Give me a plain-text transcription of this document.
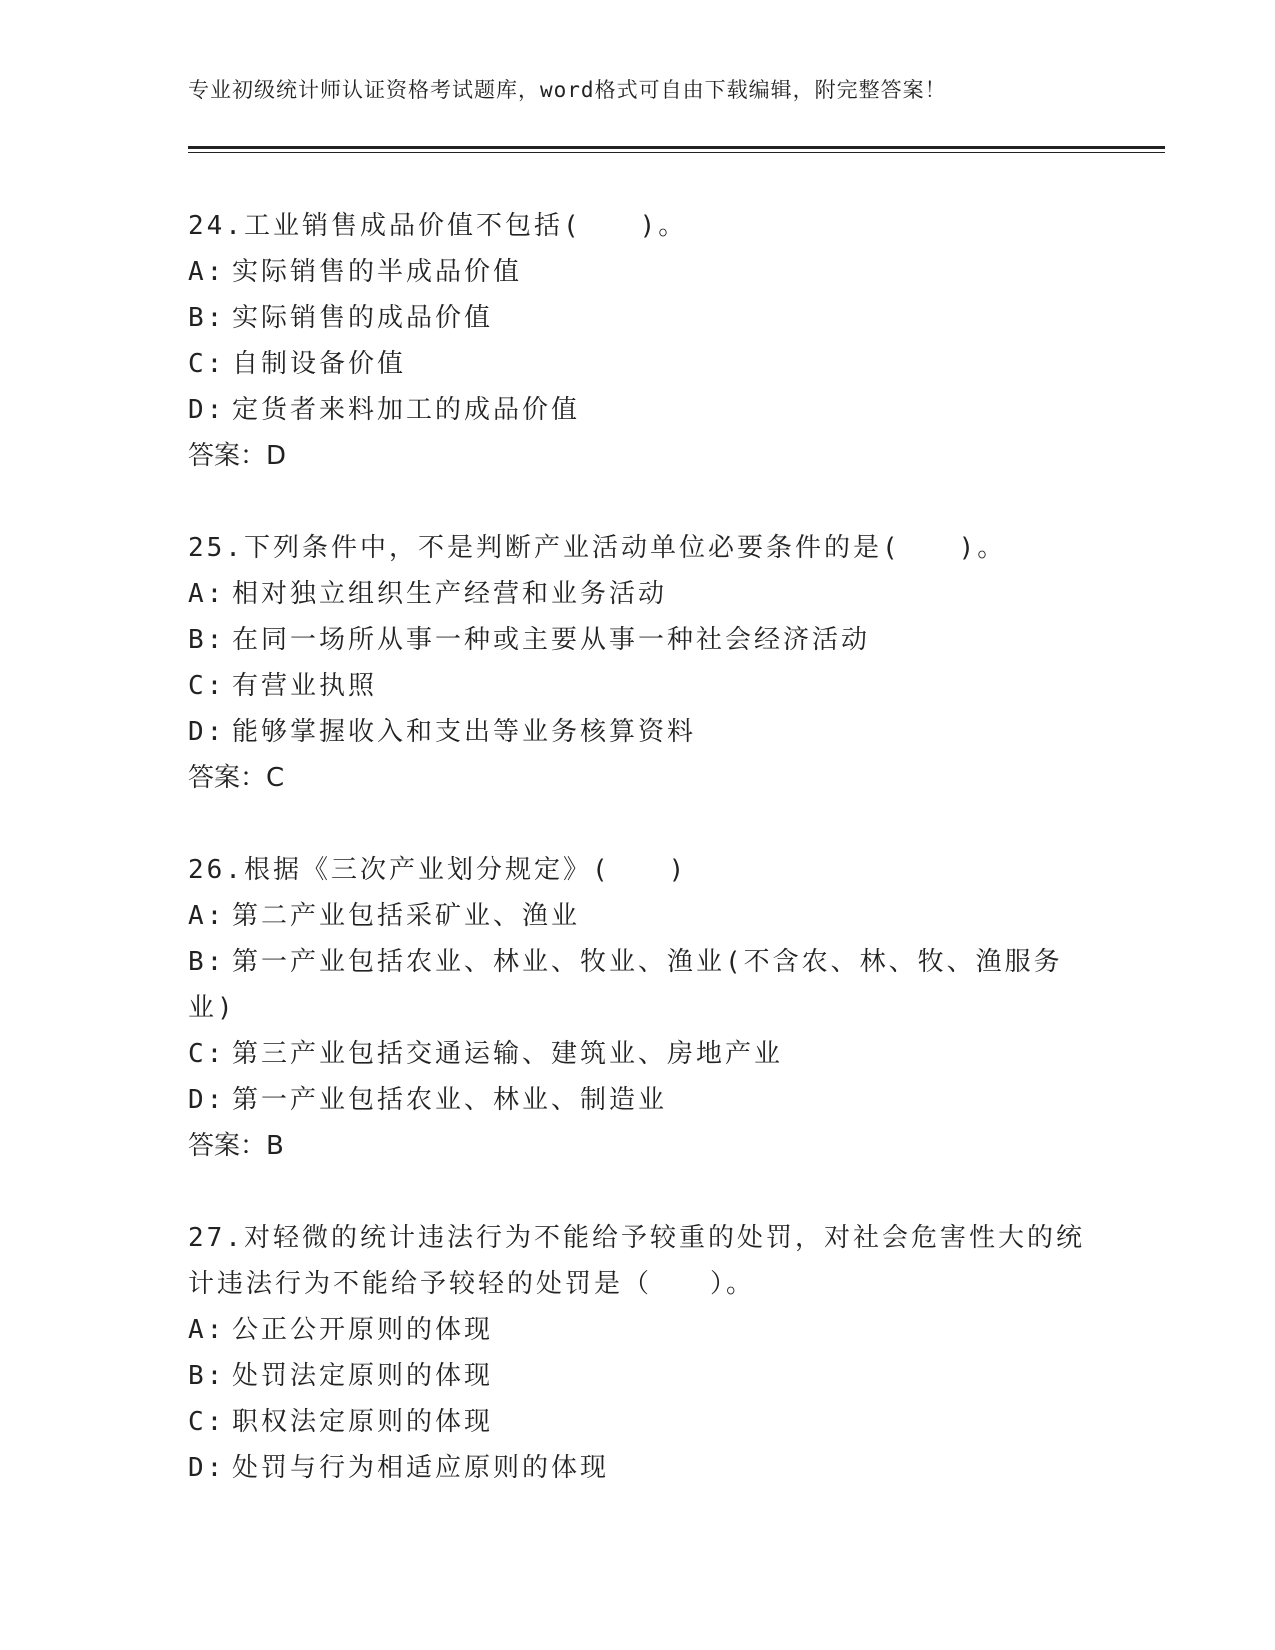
专业初级统计师认证资格考试题库，word格式可自由下载编辑，附完整答案！
24.工业销售成品价值不包括(　　)。
A: 实际销售的半成品价值
B: 实际销售的成品价值
C: 自制设备价值
D: 定货者来料加工的成品价值
答案：D
25.下列条件中，不是判断产业活动单位必要条件的是(　　)。
A: 相对独立组织生产经营和业务活动
B: 在同一场所从事一种或主要从事一种社会经济活动
C: 有营业执照
D: 能够掌握收入和支出等业务核算资料
答案：C
26.根据《三次产业划分规定》(　　)
A: 第二产业包括采矿业、渔业
B: 第一产业包括农业、林业、牧业、渔业(不含农、林、牧、渔服务
业)
C: 第三产业包括交通运输、建筑业、房地产业
D: 第一产业包括农业、林业、制造业
答案：B
27.对轻微的统计违法行为不能给予较重的处罚，对社会危害性大的统计违法行为不能给予较轻的处罚是（　　）。
A: 公正公开原则的体现
B: 处罚法定原则的体现
C: 职权法定原则的体现
D: 处罚与行为相适应原则的体现
